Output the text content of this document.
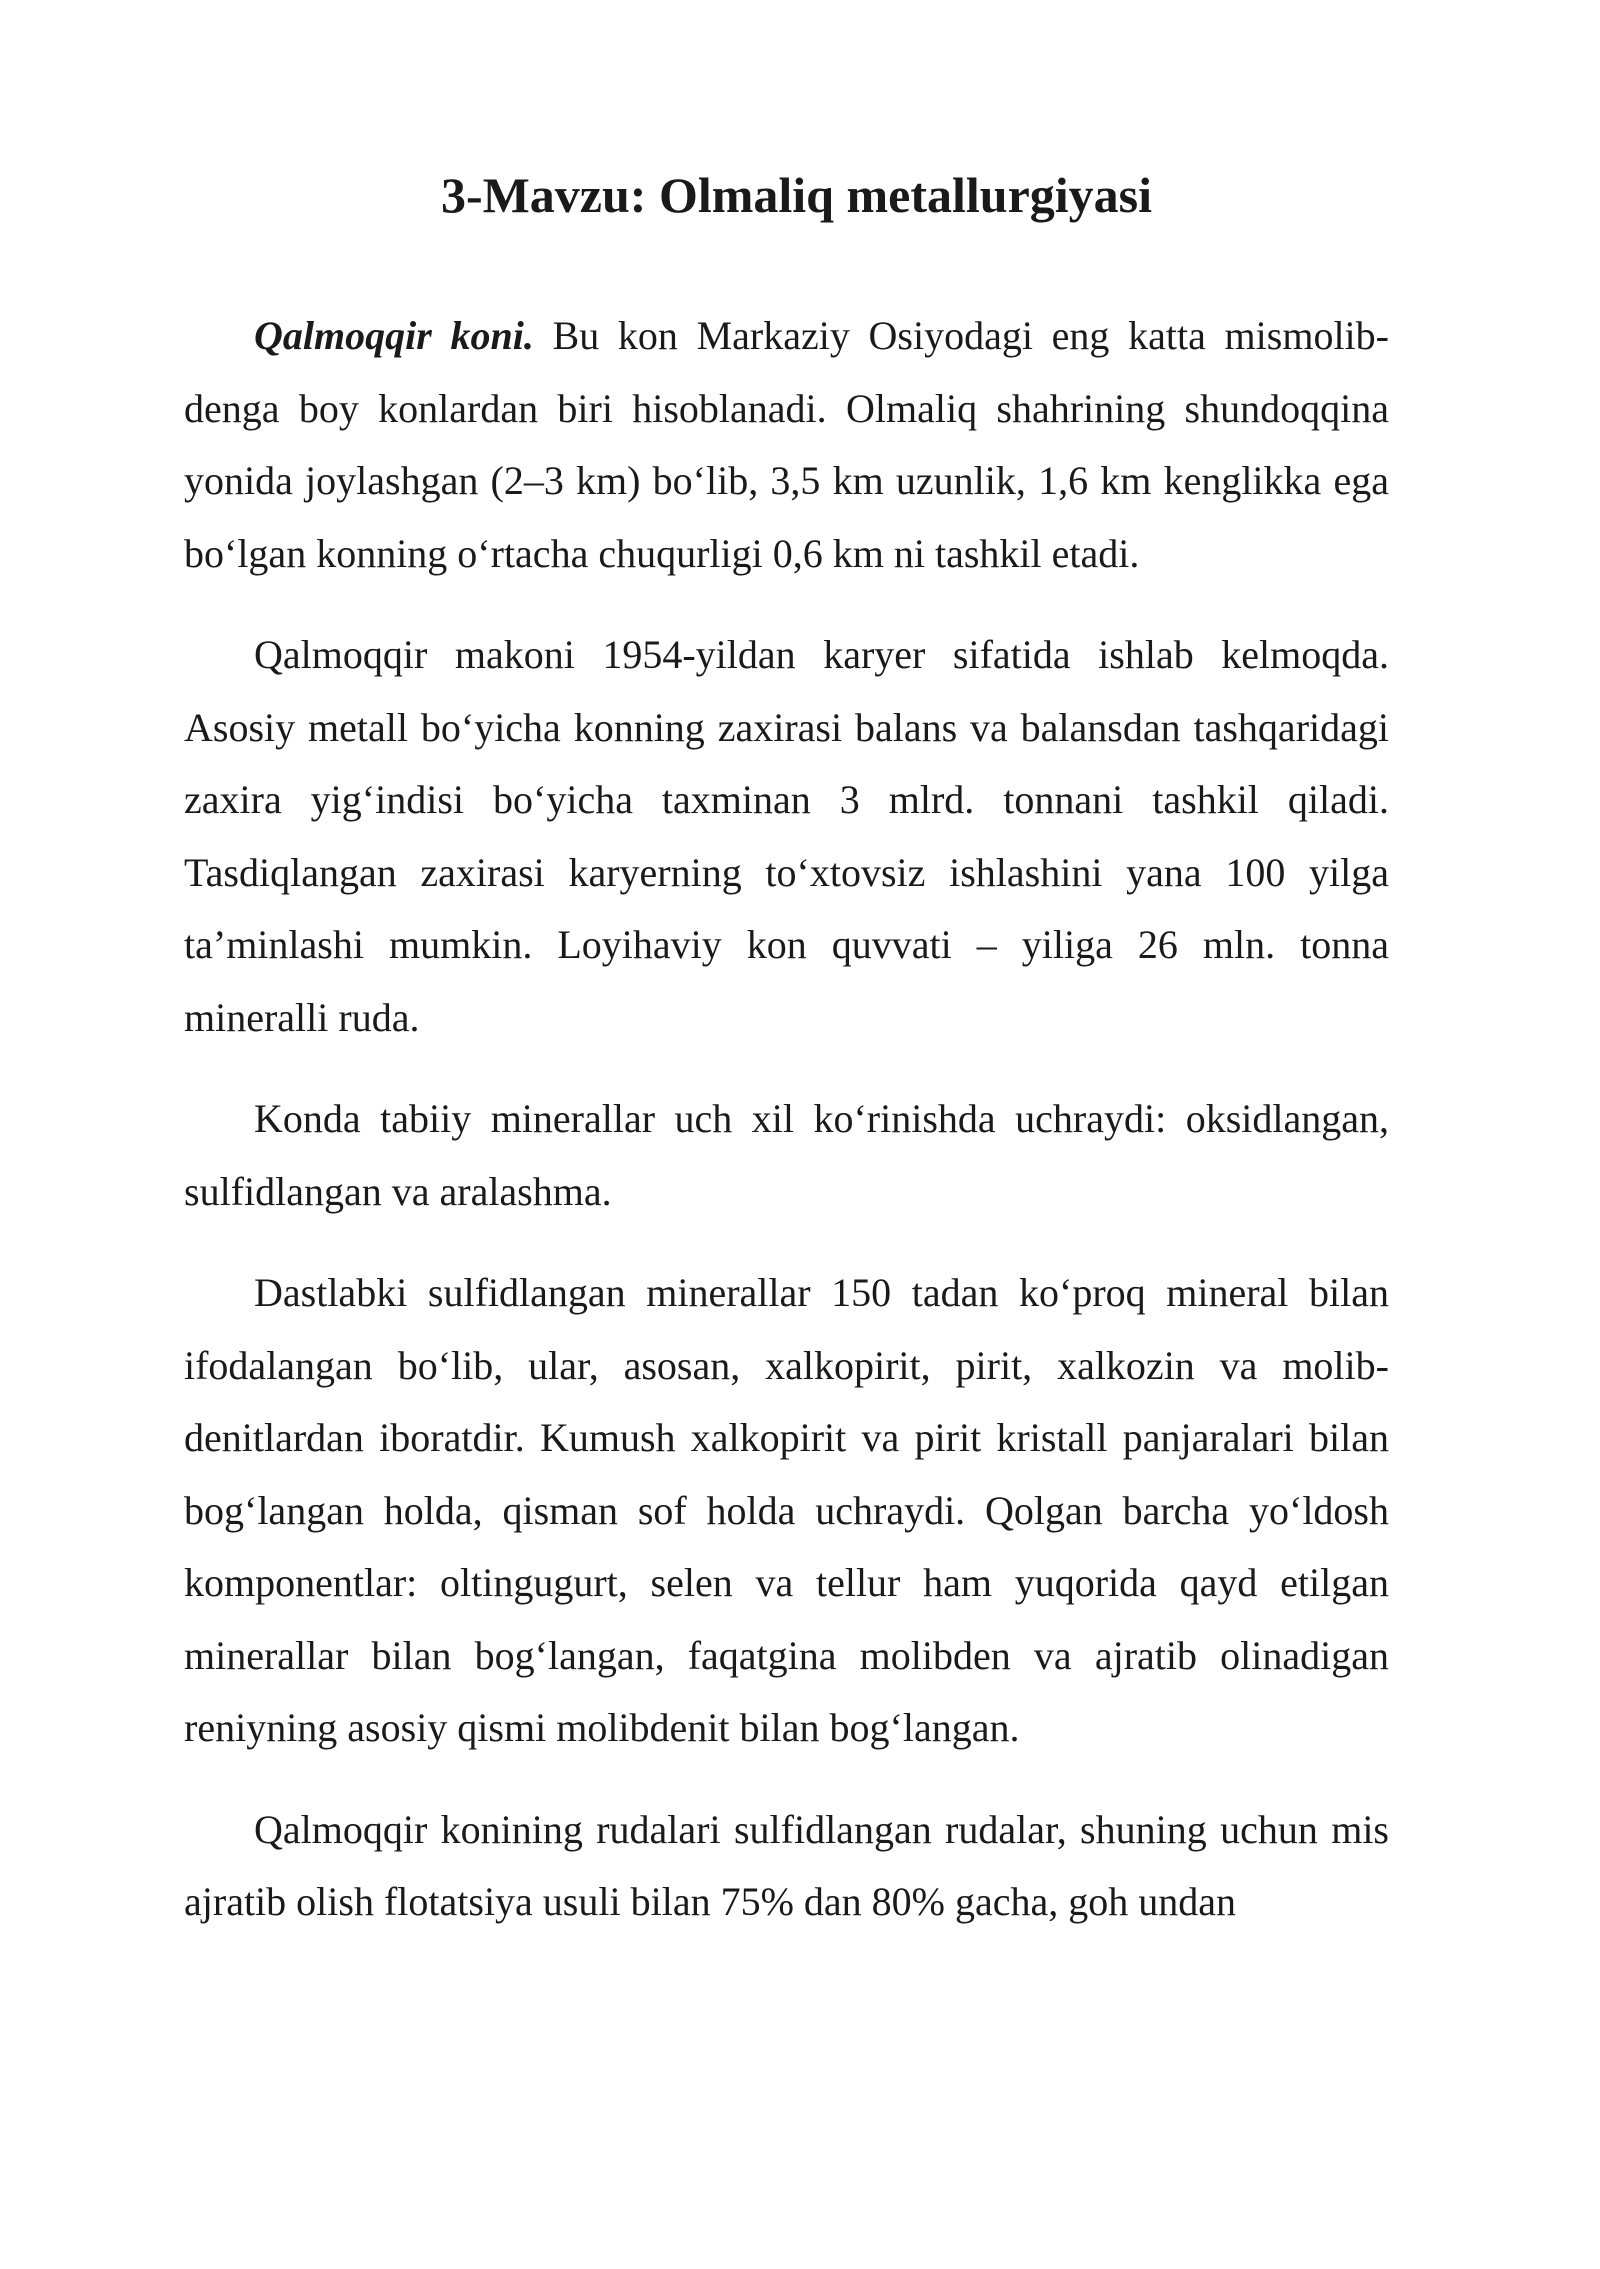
3-Mavzu: Olmaliq metallurgiyasi

Qalmoqqir koni. Bu kon Markaziy Osiyodagi eng katta mismolib denga boy konlardan biri hisoblanadi. Olmaliq shahrining shundoqqina yonida joylashgan (2–3 km) bo‘lib, 3,5 km uzunlik, 1,6 km kenglikka ega bo‘lgan konning o‘rtacha chuqurligi 0,6 km ni tashkil etadi.

Qalmoqqir makoni 1954-yildan karyer sifatida ishlab kelmoqda. Asosiy metall bo‘yicha konning zaxirasi balans va balansdan tashqaridagi zaxira yig‘indisi bo‘yicha taxminan 3 mlrd. tonnani tashkil qiladi. Tasdiqlangan zaxirasi karyerning to‘xtovsiz ishlashini yana 100 yilga ta’minlashi mumkin. Loyihaviy kon quvvati – yiliga 26 mln. tonna mineralli ruda.

Konda tabiiy minerallar uch xil ko‘rinishda uchraydi: oksidlangan, sulfidlangan va aralashma.

Dastlabki sulfidlangan minerallar 150 tadan ko‘proq mineral bilan ifodalangan bo‘lib, ular, asosan, xalkopirit, pirit, xalkozin va molibdenitlardan iboratdir. Kumush xalkopirit va pirit kristall panjaralari bilan bog‘langan holda, qisman sof holda uchraydi. Qolgan barcha yo‘ldosh komponentlar: oltingugurt, selen va tellur ham yuqorida qayd etilgan minerallar bilan bog‘langan, faqatgina molibden va ajratib olinadigan reniyning asosiy qismi molibdenit bilan bog‘langan.

Qalmoqqir konining rudalari sulfidlangan rudalar, shuning uchun mis ajratib olish flotatsiya usuli bilan 75% dan 80% gacha, goh undan
